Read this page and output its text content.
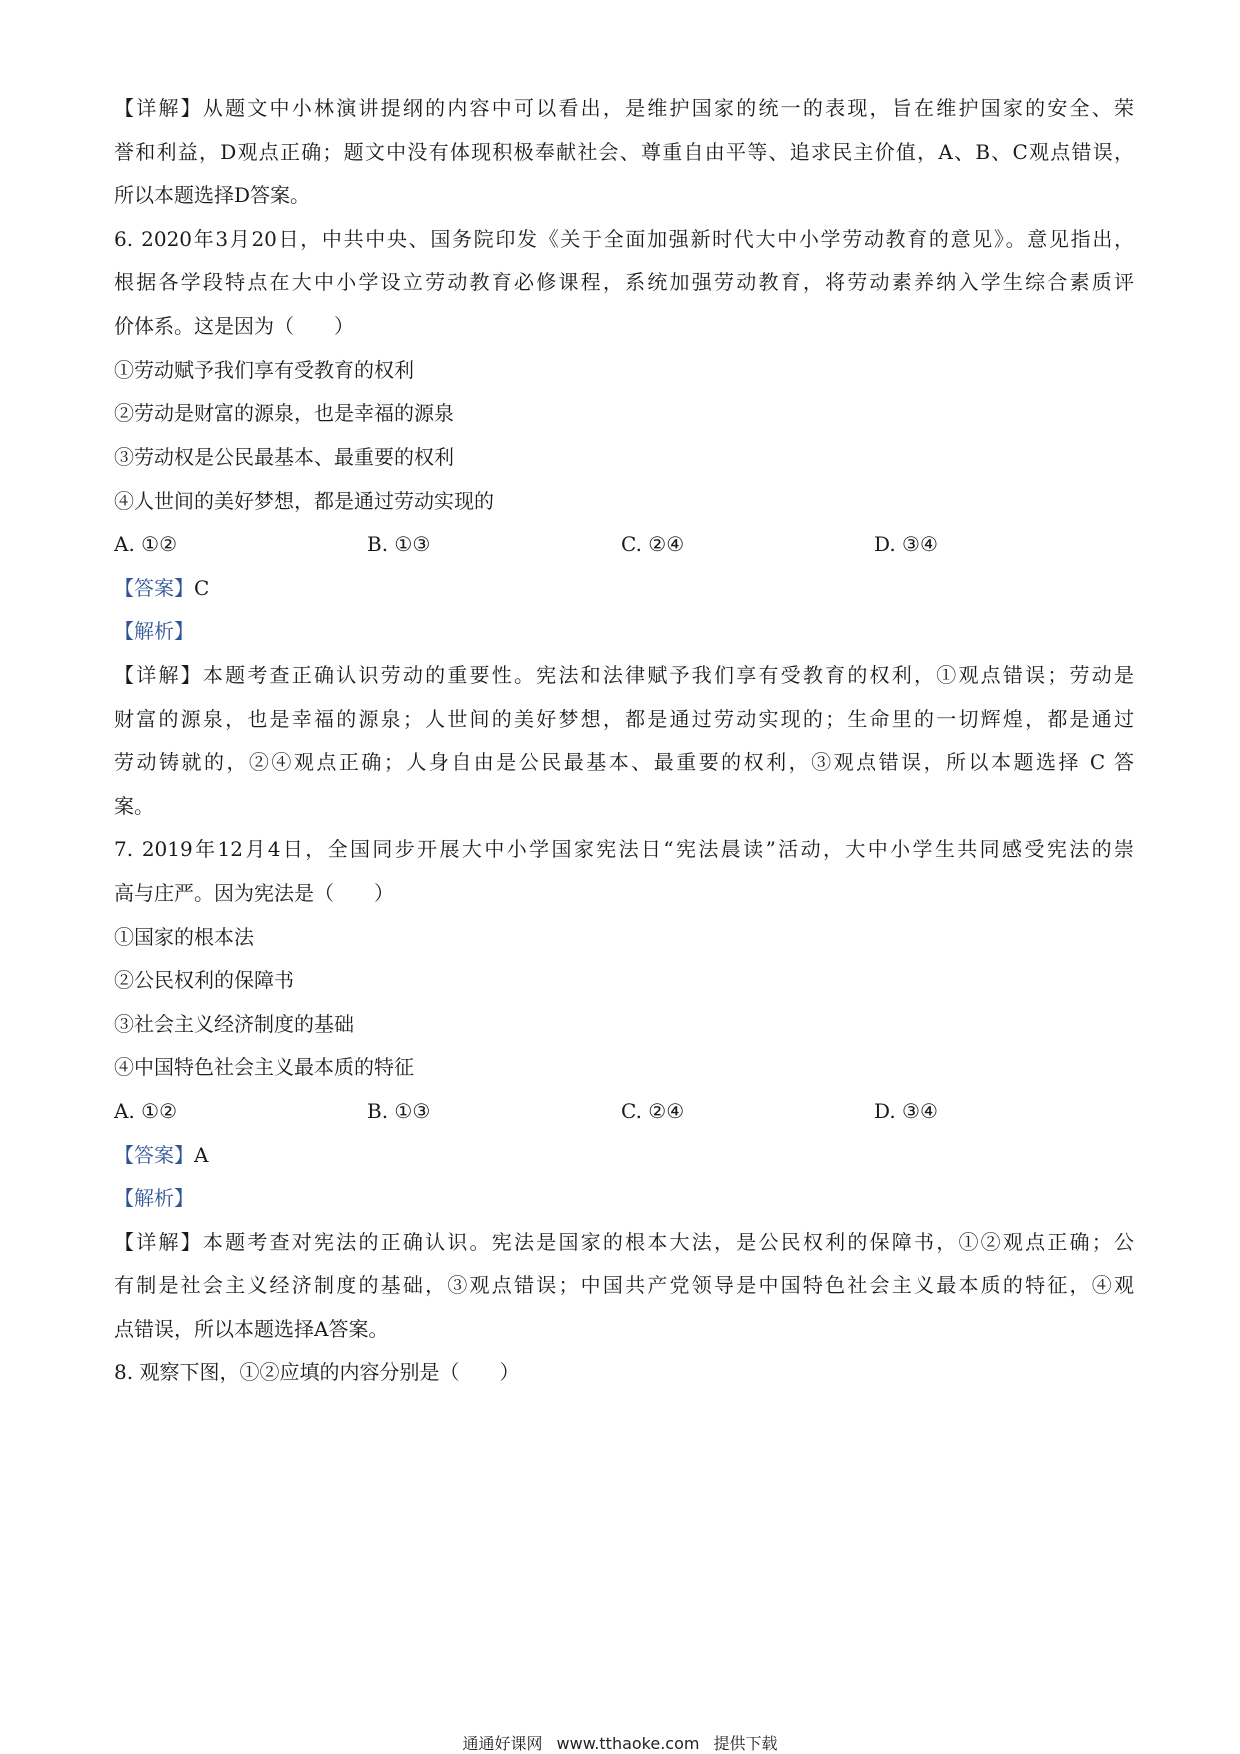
【详解】从题文中小林演讲提纲的内容中可以看出，是维护国家的统一的表现，旨在维护国家的安全、荣
誉和利益，D观点正确；题文中没有体现积极奉献社会、尊重自由平等、追求民主价值，A、B、C观点错误，
所以本题选择D答案。
6. 2020年3月20日，中共中央、国务院印发《关于全面加强新时代大中小学劳动教育的意见》。意见指出，
根据各学段特点在大中小学设立劳动教育必修课程，系统加强劳动教育，将劳动素养纳入学生综合素质评
价体系。这是因为（　　）
①劳动赋予我们享有受教育的权利
②劳动是财富的源泉，也是幸福的源泉
③劳动权是公民最基本、最重要的权利
④人世间的美好梦想，都是通过劳动实现的
A. ①②	B. ①③	C. ②④	D. ③④
【答案】C
【解析】
【详解】本题考查正确认识劳动的重要性。宪法和法律赋予我们享有受教育的权利，①观点错误；劳动是
财富的源泉，也是幸福的源泉；人世间的美好梦想，都是通过劳动实现的；生命里的一切辉煌，都是通过
劳动铸就的，②④观点正确；人身自由是公民最基本、最重要的权利，③观点错误，所以本题选择 C 答
案。
7. 2019年12月4日，全国同步开展大中小学国家宪法日“宪法晨读”活动，大中小学生共同感受宪法的崇
高与庄严。因为宪法是（　　）
①国家的根本法
②公民权利的保障书
③社会主义经济制度的基础
④中国特色社会主义最本质的特征
A. ①②	B. ①③	C. ②④	D. ③④
【答案】A
【解析】
【详解】本题考查对宪法的正确认识。宪法是国家的根本大法，是公民权利的保障书，①②观点正确；公
有制是社会主义经济制度的基础，③观点错误；中国共产党领导是中国特色社会主义最本质的特征，④观
点错误，所以本题选择A答案。
8. 观察下图，①②应填的内容分别是（　　）
通通好课网 www.tthaoke.com 提供下载
